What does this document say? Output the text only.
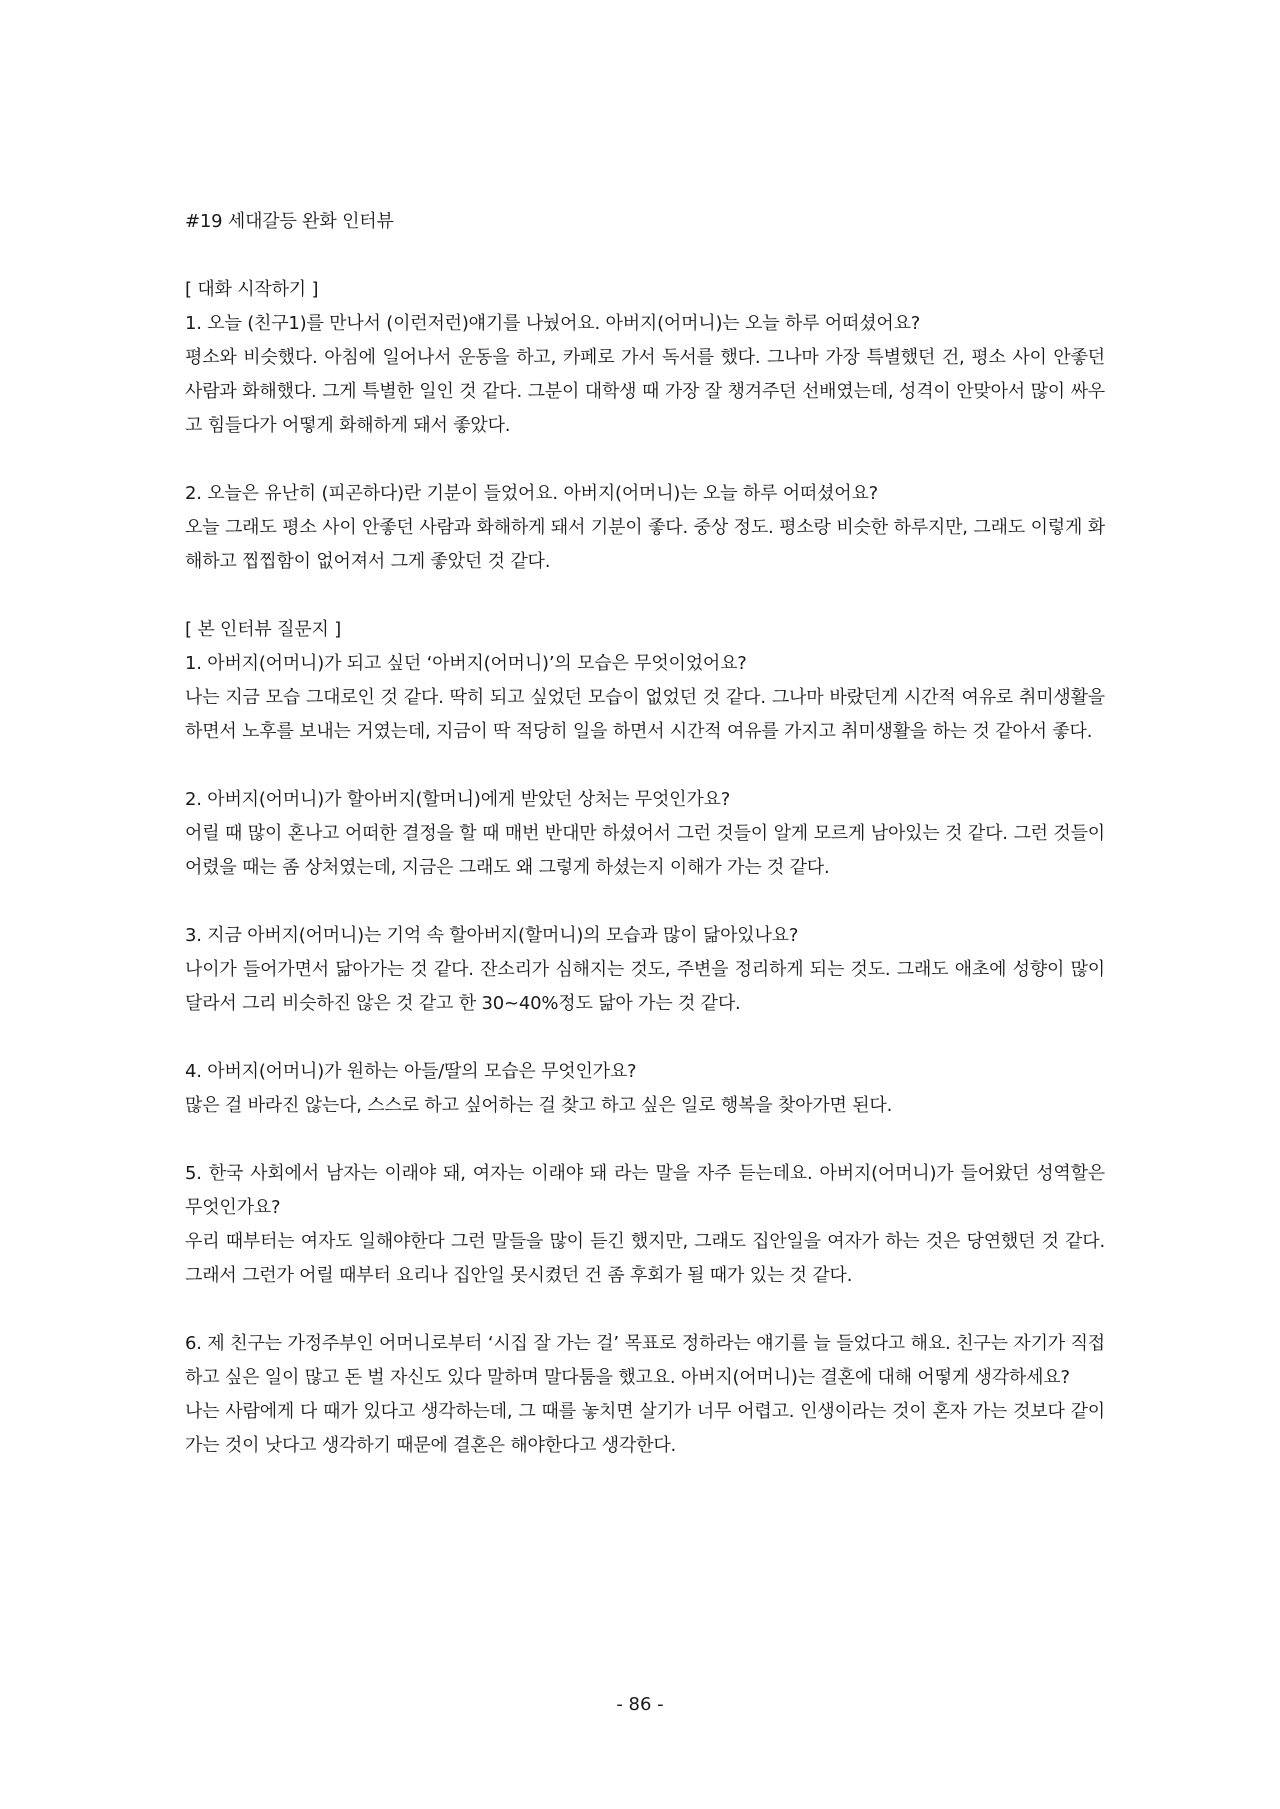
#19 세대갈등 완화 인터뷰

[ 대화 시작하기 ]

1. 오늘 (친구1)를 만나서 (이런저런)얘기를 나눴어요. 아버지(어머니)는 오늘 하루 어떠셨어요?

평소와 비슷했다. 아침에 일어나서 운동을 하고, 카페로 가서 독서를 했다. 그나마 가장 특별했던 건, 평소 사이 안좋던 사람과 화해했다. 그게 특별한 일인 것 같다. 그분이 대학생 때 가장 잘 챙겨주던 선배였는데, 성격이 안맞아서 많이 싸우고 힘들다가 어떻게 화해하게 돼서 좋았다.

2. 오늘은 유난히 (피곤하다)란 기분이 들었어요. 아버지(어머니)는 오늘 하루 어떠셨어요?

오늘 그래도 평소 사이 안좋던 사람과 화해하게 돼서 기분이 좋다. 중상 정도. 평소랑 비슷한 하루지만, 그래도 이렇게 화해하고 찝찝함이 없어져서 그게 좋았던 것 같다.

[ 본 인터뷰 질문지 ]

1. 아버지(어머니)가 되고 싶던 ‘아버지(어머니)’의 모습은 무엇이었어요?

나는 지금 모습 그대로인 것 같다. 딱히 되고 싶었던 모습이 없었던 것 같다. 그나마 바랐던게 시간적 여유로 취미생활을 하면서 노후를 보내는 거였는데, 지금이 딱 적당히 일을 하면서 시간적 여유를 가지고 취미생활을 하는 것 같아서 좋다.

2. 아버지(어머니)가 할아버지(할머니)에게 받았던 상처는 무엇인가요?

어릴 때 많이 혼나고 어떠한 결정을 할 때 매번 반대만 하셨어서 그런 것들이 알게 모르게 남아있는 것 같다. 그런 것들이 어렸을 때는 좀 상처였는데, 지금은 그래도 왜 그렇게 하셨는지 이해가 가는 것 같다.

3. 지금 아버지(어머니)는 기억 속 할아버지(할머니)의 모습과 많이 닮아있나요?

나이가 들어가면서 닮아가는 것 같다. 잔소리가 심해지는 것도, 주변을 정리하게 되는 것도. 그래도 애초에 성향이 많이 달라서 그리 비슷하진 않은 것 같고 한 30~40%정도 닮아 가는 것 같다.

4. 아버지(어머니)가 원하는 아들/딸의 모습은 무엇인가요?

많은 걸 바라진 않는다, 스스로 하고 싶어하는 걸 찾고 하고 싶은 일로 행복을 찾아가면 된다.

5. 한국 사회에서 남자는 이래야 돼, 여자는 이래야 돼 라는 말을 자주 듣는데요. 아버지(어머니)가 들어왔던 성역할은 무엇인가요?

우리 때부터는 여자도 일해야한다 그런 말들을 많이 듣긴 했지만, 그래도 집안일을 여자가 하는 것은 당연했던 것 같다. 그래서 그런가 어릴 때부터 요리나 집안일 못시켰던 건 좀 후회가 될 때가 있는 것 같다.

6. 제 친구는 가정주부인 어머니로부터 ‘시집 잘 가는 걸’ 목표로 정하라는 얘기를 늘 들었다고 해요. 친구는 자기가 직접 하고 싶은 일이 많고 돈 벌 자신도 있다 말하며 말다툼을 했고요. 아버지(어머니)는 결혼에 대해 어떻게 생각하세요?

나는 사람에게 다 때가 있다고 생각하는데, 그 때를 놓치면 살기가 너무 어렵고. 인생이라는 것이 혼자 가는 것보다 같이 가는 것이 낫다고 생각하기 때문에 결혼은 해야한다고 생각한다.

- 86 -
